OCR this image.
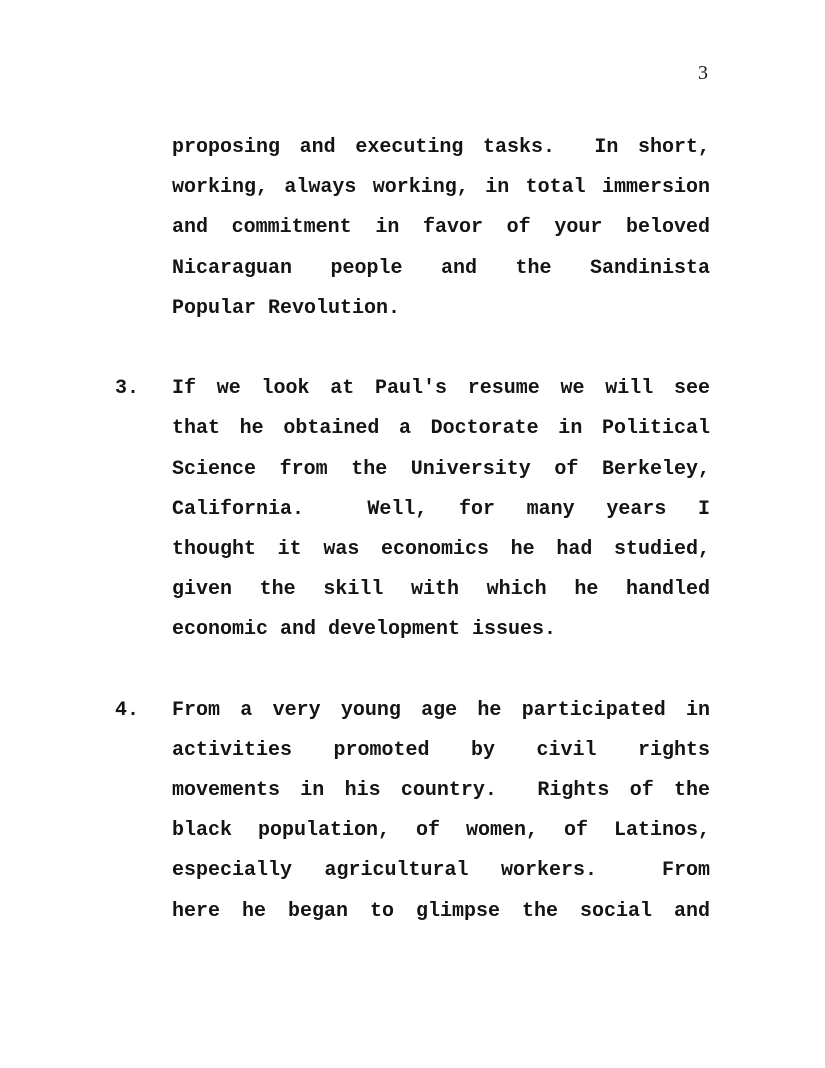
3
proposing and executing tasks.  In short,
working, always working, in total immersion
and commitment in favor of your beloved
Nicaraguan people and the Sandinista
Popular Revolution.
3.	If we look at Paul's resume we will see
that he obtained a Doctorate in Political
Science from the University of Berkeley,
California.  Well, for many years I
thought it was economics he had studied,
given the skill with which he handled
economic and development issues.
4.	From a very young age he participated in
activities promoted by civil rights
movements in his country.  Rights of the
black population, of women, of Latinos,
especially agricultural workers.  From
here he began to glimpse the social and
